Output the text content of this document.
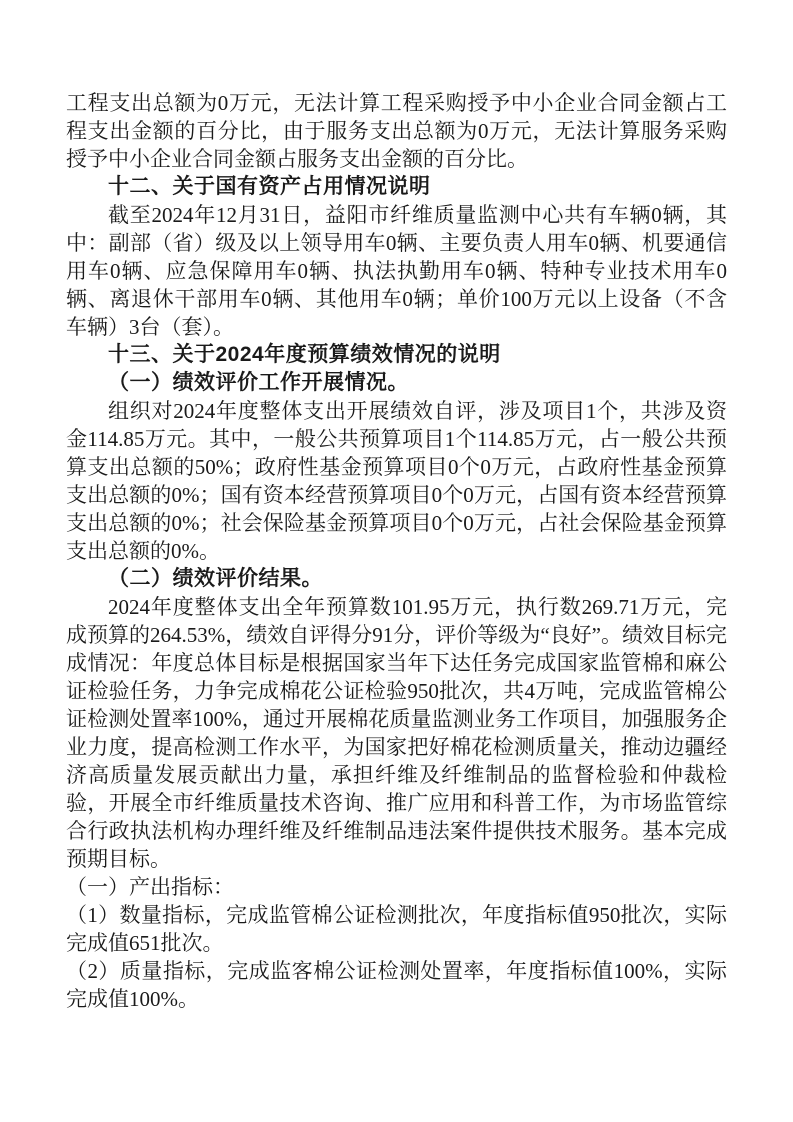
工程支出总额为0万元，无法计算工程采购授予中小企业合同金额占工程支出金额的百分比，由于服务支出总额为0万元，无法计算服务采购授予中小企业合同金额占服务支出金额的百分比。

十二、关于国有资产占用情况说明

截至2024年12月31日，益阳市纤维质量监测中心共有车辆0辆，其中：副部（省）级及以上领导用车0辆、主要负责人用车0辆、机要通信用车0辆、应急保障用车0辆、执法执勤用车0辆、特种专业技术用车0辆、离退休干部用车0辆、其他用车0辆；单价100万元以上设备（不含车辆）3台（套）。

十三、关于2024年度预算绩效情况的说明

（一）绩效评价工作开展情况。

组织对2024年度整体支出开展绩效自评，涉及项目1个，共涉及资金114.85万元。其中，一般公共预算项目1个114.85万元，占一般公共预算支出总额的50%；政府性基金预算项目0个0万元，占政府性基金预算支出总额的0%；国有资本经营预算项目0个0万元，占国有资本经营预算支出总额的0%；社会保险基金预算项目0个0万元，占社会保险基金预算支出总额的0%。

（二）绩效评价结果。

2024年度整体支出全年预算数101.95万元，执行数269.71万元，完成预算的264.53%，绩效自评得分91分，评价等级为“良好”。绩效目标完成情况：年度总体目标是根据国家当年下达任务完成国家监管棉和麻公证检验任务，力争完成棉花公证检验950批次，共4万吨，完成监管棉公证检测处置率100%，通过开展棉花质量监测业务工作项目，加强服务企业力度，提高检测工作水平，为国家把好棉花检测质量关，推动边疆经济高质量发展贡献出力量，承担纤维及纤维制品的监督检验和仲裁检验，开展全市纤维质量技术咨询、推广应用和科普工作，为市场监管综合行政执法机构办理纤维及纤维制品违法案件提供技术服务。基本完成预期目标。

（一）产出指标：

（1）数量指标，完成监管棉公证检测批次，年度指标值950批次，实际完成值651批次。

（2）质量指标，完成监客棉公证检测处置率，年度指标值100%，实际完成值100%。
